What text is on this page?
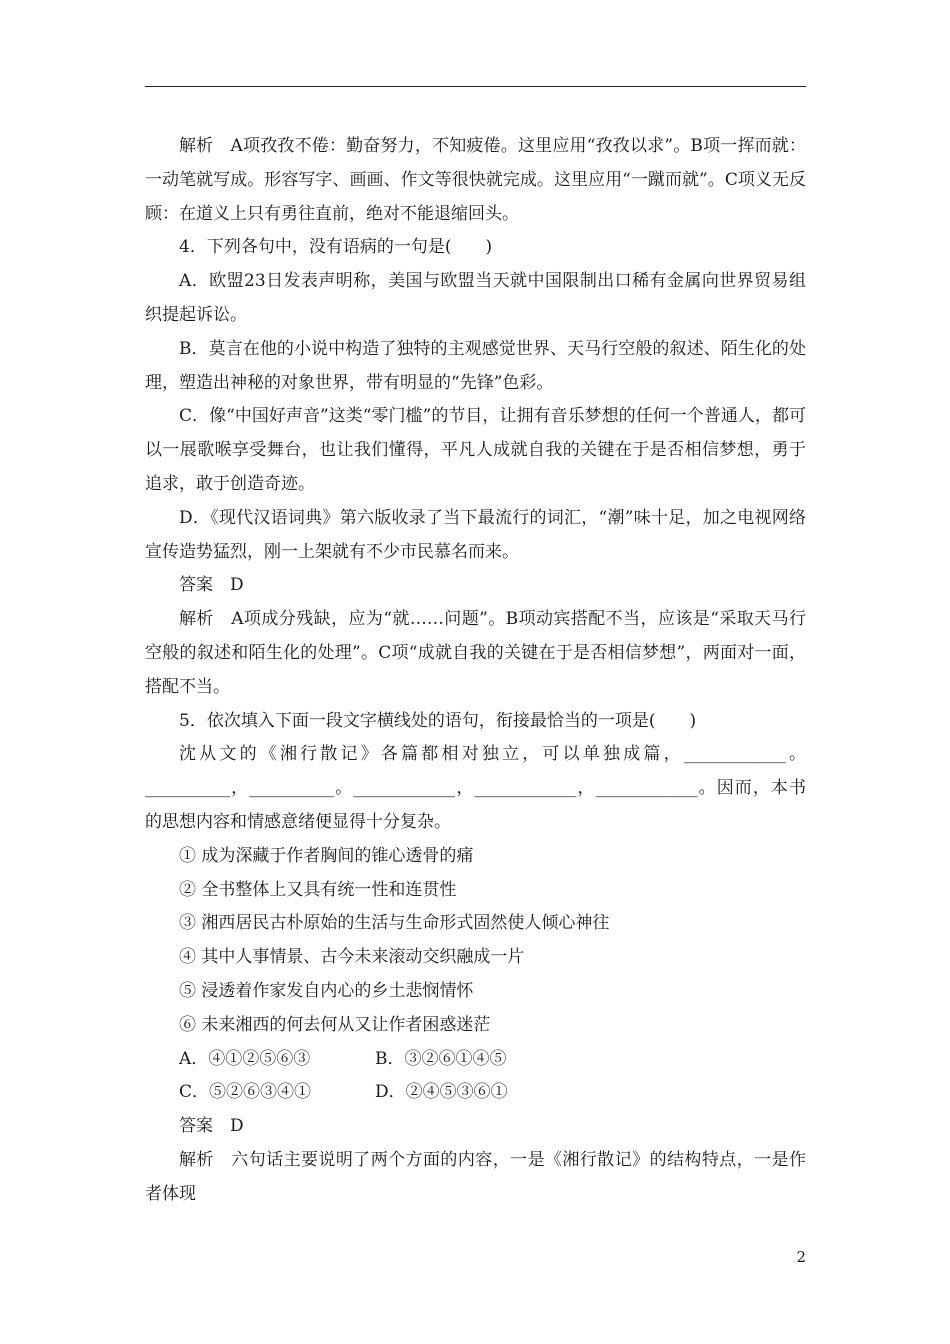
解析　A项孜孜不倦：勤奋努力，不知疲倦。这里应用“孜孜以求”。B项一挥而就：一动笔就写成。形容写字、画画、作文等很快就完成。这里应用“一蹴而就”。C项义无反顾：在道义上只有勇往直前，绝对不能退缩回头。

4．下列各句中，没有语病的一句是(　　)

A．欧盟23日发表声明称，美国与欧盟当天就中国限制出口稀有金属向世界贸易组织提起诉讼。

B．莫言在他的小说中构造了独特的主观感觉世界、天马行空般的叙述、陌生化的处理，塑造出神秘的对象世界，带有明显的“先锋”色彩。

C．像“中国好声音”这类“零门槛”的节目，让拥有音乐梦想的任何一个普通人，都可以一展歌喉享受舞台，也让我们懂得，平凡人成就自我的关键在于是否相信梦想，勇于追求，敢于创造奇迹。

D．《现代汉语词典》第六版收录了当下最流行的词汇，“潮”味十足，加之电视网络宣传造势猛烈，刚一上架就有不少市民慕名而来。

答案　D

解析　A项成分残缺，应为“就……问题”。B项动宾搭配不当，应该是“采取天马行空般的叙述和陌生化的处理”。C项“成就自我的关键在于是否相信梦想”，两面对一面，搭配不当。

5．依次填入下面一段文字横线处的语句，衔接最恰当的一项是(　　)

沈从文的《湘行散记》各篇都相对独立，可以单独成篇，____________。__________，__________。____________，____________，____________。因而，本书的思想内容和情感意绪便显得十分复杂。

① 成为深藏于作者胸间的锥心透骨的痛

② 全书整体上又具有统一性和连贯性

③ 湘西居民古朴原始的生活与生命形式固然使人倾心神往

④ 其中人事情景、古今未来滚动交织融成一片

⑤ 浸透着作家发自内心的乡土悲悯情怀

⑥ 未来湘西的何去何从又让作者困惑迷茫

A．④①②⑤⑥③	B．③②⑥①④⑤

C．⑤②⑥③④①	D．②④⑤③⑥①

答案　D

解析　六句话主要说明了两个方面的内容，一是《湘行散记》的结构特点，一是作者体现

2
